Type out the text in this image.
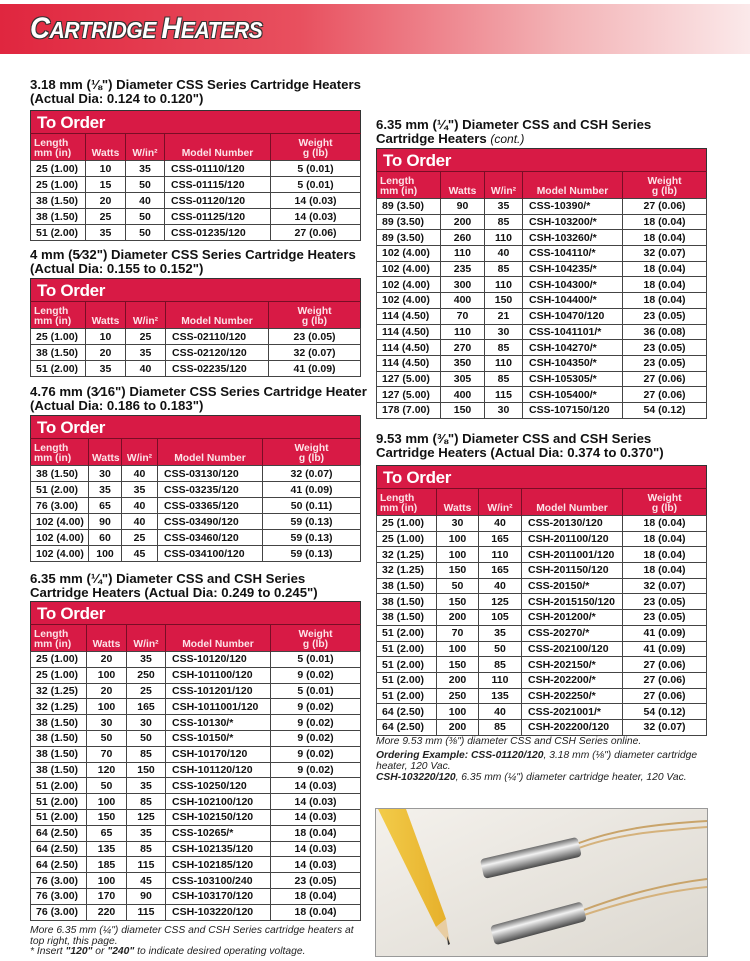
CARTRIDGE HEATERS
3.18 mm (⅛") Diameter CSS Series Cartridge Heaters
(Actual Dia: 0.124 to 0.120")
To Order				
Length
mm (in)	Watts	W/in²	Model Number	Weight
g (lb)
25 (1.00)	10	35	CSS-01110/120	5 (0.01)
25 (1.00)	15	50	CSS-01115/120	5 (0.01)
38 (1.50)	20	40	CSS-01120/120	14 (0.03)
38 (1.50)	25	50	CSS-01125/120	14 (0.03)
51 (2.00)	35	50	CSS-01235/120	27 (0.06)
4 mm (5⁄32") Diameter CSS Series Cartridge Heaters
(Actual Dia: 0.155 to 0.152")
To Order				
Length
mm (in)	Watts	W/in²	Model Number	Weight
g (lb)
25 (1.00)	10	25	CSS-02110/120	23 (0.05)
38 (1.50)	20	35	CSS-02120/120	32 (0.07)
51 (2.00)	35	40	CSS-02235/120	41 (0.09)
4.76 mm (3⁄16") Diameter CSS Series Cartridge Heater
(Actual Dia: 0.186 to 0.183")
To Order				
Length
mm (in)	Watts	W/in²	Model Number	Weight
g (lb)
38 (1.50)	30	40	CSS-03130/120	32 (0.07)
51 (2.00)	35	35	CSS-03235/120	41 (0.09)
76 (3.00)	65	40	CSS-03365/120	50 (0.11)
102 (4.00)	90	40	CSS-03490/120	59 (0.13)
102 (4.00)	60	25	CSS-03460/120	59 (0.13)
102 (4.00)	100	45	CSS-034100/120	59 (0.13)
6.35 mm (¼") Diameter CSS and CSH Series
Cartridge Heaters (Actual Dia: 0.249 to 0.245")
To Order				
Length
mm (in)	Watts	W/in²	Model Number	Weight
g (lb)
25 (1.00)	20	35	CSS-10120/120	5 (0.01)
25 (1.00)	100	250	CSH-101100/120	9 (0.02)
32 (1.25)	20	25	CSS-101201/120	5 (0.01)
32 (1.25)	100	165	CSH-1011001/120	9 (0.02)
38 (1.50)	30	30	CSS-10130/*	9 (0.02)
38 (1.50)	50	50	CSS-10150/*	9 (0.02)
38 (1.50)	70	85	CSH-10170/120	9 (0.02)
38 (1.50)	120	150	CSH-101120/120	9 (0.02)
51 (2.00)	50	35	CSS-10250/120	14 (0.03)
51 (2.00)	100	85	CSH-102100/120	14 (0.03)
51 (2.00)	150	125	CSH-102150/120	14 (0.03)
64 (2.50)	65	35	CSS-10265/*	18 (0.04)
64 (2.50)	135	85	CSH-102135/120	14 (0.03)
64 (2.50)	185	115	CSH-102185/120	14 (0.03)
76 (3.00)	100	45	CSS-103100/240	23 (0.05)
76 (3.00)	170	90	CSH-103170/120	18 (0.04)
76 (3.00)	220	115	CSH-103220/120	18 (0.04)
6.35 mm (¼") Diameter CSS and CSH Series
Cartridge Heaters (cont.)
To Order				
Length
mm (in)	Watts	W/in²	Model Number	Weight
g (lb)
89 (3.50)	90	35	CSS-10390/*	27 (0.06)
89 (3.50)	200	85	CSH-103200/*	18 (0.04)
89 (3.50)	260	110	CSH-103260/*	18 (0.04)
102 (4.00)	110	40	CSS-104110/*	32 (0.07)
102 (4.00)	235	85	CSH-104235/*	18 (0.04)
102 (4.00)	300	110	CSH-104300/*	18 (0.04)
102 (4.00)	400	150	CSH-104400/*	18 (0.04)
114 (4.50)	70	21	CSH-10470/120	23 (0.05)
114 (4.50)	110	30	CSS-1041101/*	36 (0.08)
114 (4.50)	270	85	CSH-104270/*	23 (0.05)
114 (4.50)	350	110	CSH-104350/*	23 (0.05)
127 (5.00)	305	85	CSH-105305/*	27 (0.06)
127 (5.00)	400	115	CSH-105400/*	27 (0.06)
178 (7.00)	150	30	CSS-107150/120	54 (0.12)
9.53 mm (⅜") Diameter CSS and CSH Series
Cartridge Heaters (Actual Dia: 0.374 to 0.370")
To Order				
Length
mm (in)	Watts	W/in²	Model Number	Weight
g (lb)
25 (1.00)	30	40	CSS-20130/120	18 (0.04)
25 (1.00)	100	165	CSH-201100/120	18 (0.04)
32 (1.25)	100	110	CSH-2011001/120	18 (0.04)
32 (1.25)	150	165	CSH-201150/120	18 (0.04)
38 (1.50)	50	40	CSS-20150/*	32 (0.07)
38 (1.50)	150	125	CSH-2015150/120	23 (0.05)
38 (1.50)	200	105	CSH-201200/*	23 (0.05)
51 (2.00)	70	35	CSS-20270/*	41 (0.09)
51 (2.00)	100	50	CSS-202100/120	41 (0.09)
51 (2.00)	150	85	CSH-202150/*	27 (0.06)
51 (2.00)	200	110	CSH-202200/*	27 (0.06)
51 (2.00)	250	135	CSH-202250/*	27 (0.06)
64 (2.50)	100	40	CSS-2021001/*	54 (0.12)
64 (2.50)	200	85	CSH-202200/120	32 (0.07)
More 6.35 mm (¼") diameter CSS and CSH Series cartridge heaters at top right, this page.
* Insert "120" or "240" to indicate desired operating voltage.
More 9.53 mm (⅜") diameter CSS and CSH Series online.
Ordering Example: CSS-01120/120, 3.18 mm (⅛") diameter cartridge heater, 120 Vac.
CSH-103220/120, 6.35 mm (¼") diameter cartridge heater, 120 Vac.
